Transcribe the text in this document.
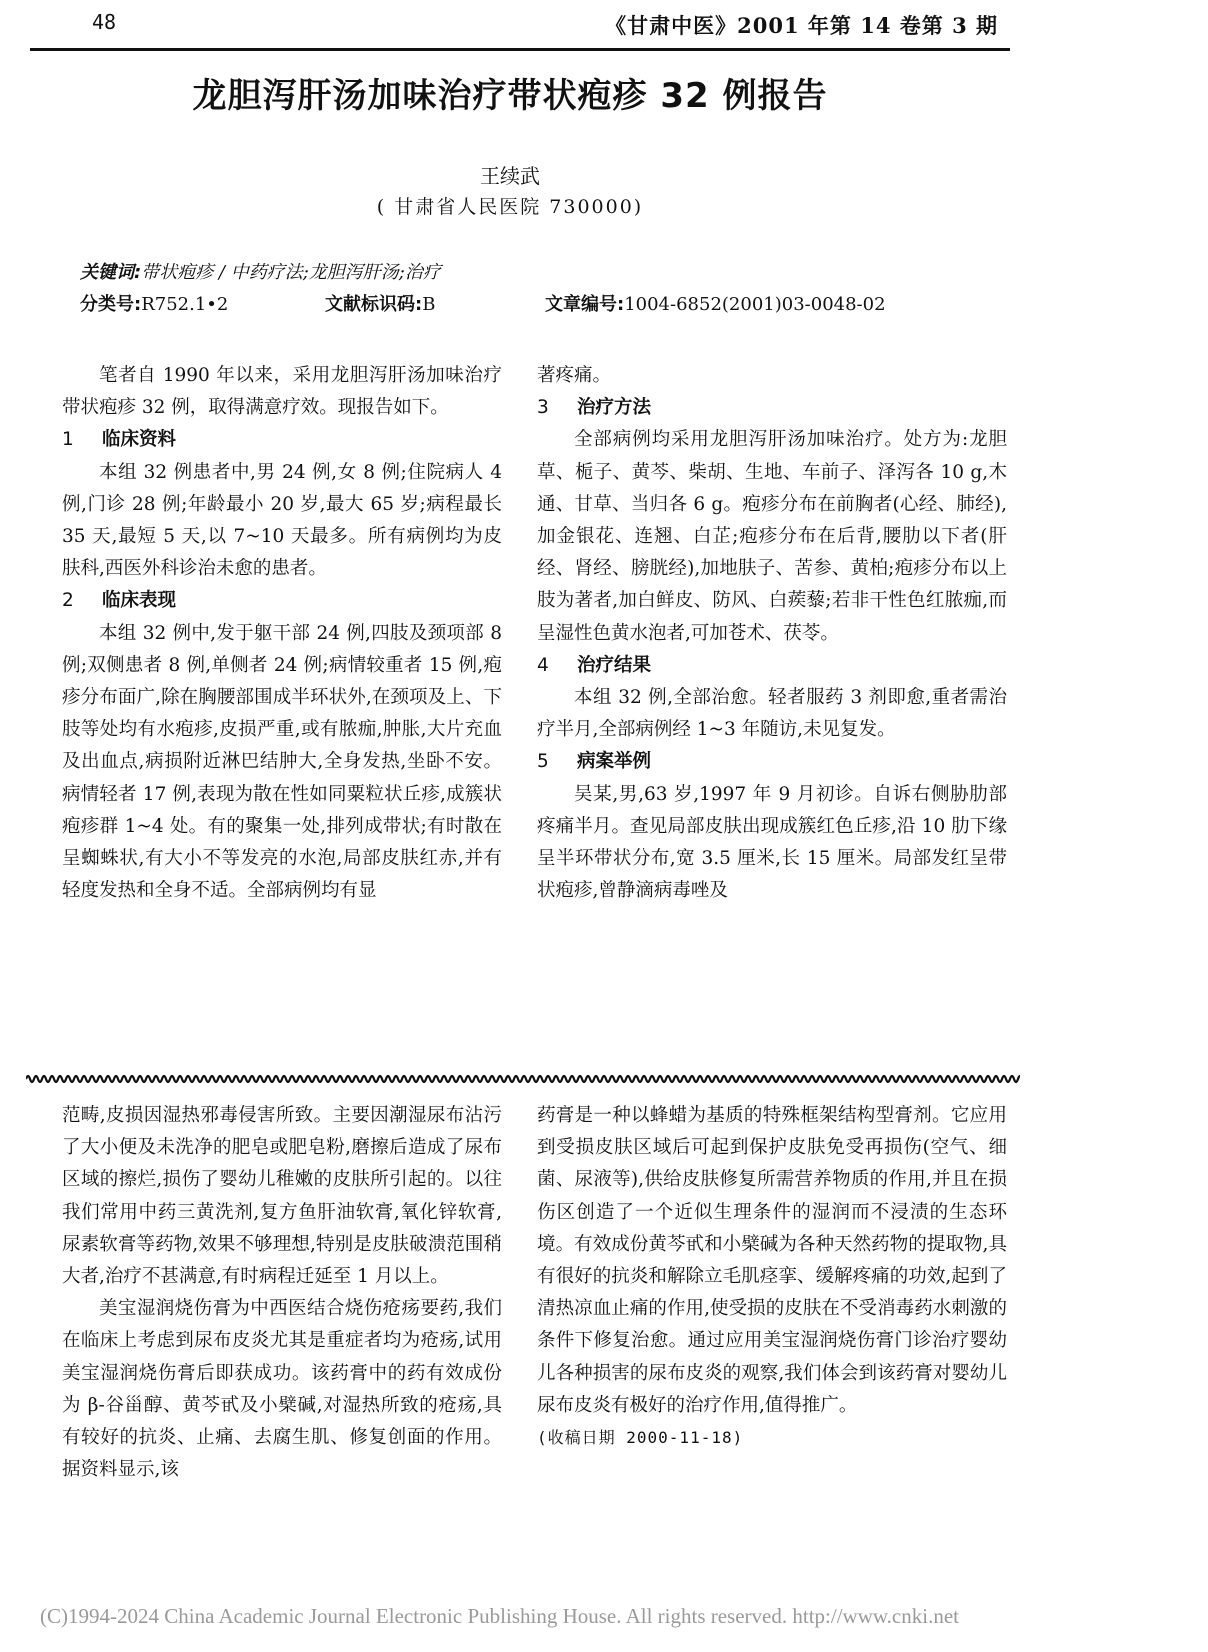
48	《甘肃中医》2001 年第 14 卷第 3 期
龙胆泻肝汤加味治疗带状疱疹 32 例报告
王续武
( 甘肃省人民医院 730000)
关键词:带状疱疹 / 中药疗法;龙胆泻肝汤;治疗
分类号:R752.1•2	文献标识码:B	文章编号:1004-6852(2001)03-0048-02

笔者自 1990 年以来，采用龙胆泻肝汤加味治疗带状疱疹 32 例，取得满意疗效。现报告如下。

1 临床资料

本组 32 例患者中,男 24 例,女 8 例;住院病人 4 例,门诊 28 例;年龄最小 20 岁,最大 65 岁;病程最长 35 天,最短 5 天,以 7~10 天最多。所有病例均为皮肤科,西医外科诊治未愈的患者。

2 临床表现

本组 32 例中,发于躯干部 24 例,四肢及颈项部 8 例;双侧患者 8 例,单侧者 24 例;病情较重者 15 例,疱疹分布面广,除在胸腰部围成半环状外,在颈项及上、下肢等处均有水疱疹,皮损严重,或有脓痂,肿胀,大片充血及出血点,病损附近淋巴结肿大,全身发热,坐卧不安。病情轻者 17 例,表现为散在性如同粟粒状丘疹,成簇状疱疹群 1~4 处。有的聚集一处,排列成带状;有时散在呈蜘蛛状,有大小不等发亮的水泡,局部皮肤红赤,并有轻度发热和全身不适。全部病例均有显

著疼痛。

3 治疗方法

全部病例均采用龙胆泻肝汤加味治疗。处方为:龙胆草、栀子、黄芩、柴胡、生地、车前子、泽泻各 10 g,木通、甘草、当归各 6 g。疱疹分布在前胸者(心经、肺经),加金银花、连翘、白芷;疱疹分布在后背,腰肋以下者(肝经、肾经、膀胱经),加地肤子、苦参、黄柏;疱疹分布以上肢为著者,加白鲜皮、防风、白蒺藜;若非干性色红脓痂,而呈湿性色黄水泡者,可加苍术、茯苓。

4 治疗结果

本组 32 例,全部治愈。轻者服药 3 剂即愈,重者需治疗半月,全部病例经 1~3 年随访,未见复发。

5 病案举例

吴某,男,63 岁,1997 年 9 月初诊。自诉右侧胁肋部疼痛半月。查见局部皮肤出现成簇红色丘疹,沿 10 肋下缘呈半环带状分布,宽 3.5 厘米,长 15 厘米。局部发红呈带状疱疹,曾静滴病毒唑及

范畴,皮损因湿热邪毒侵害所致。主要因潮湿尿布沾污了大小便及未洗净的肥皂或肥皂粉,磨擦后造成了尿布区域的擦烂,损伤了婴幼儿稚嫩的皮肤所引起的。以往我们常用中药三黄洗剂,复方鱼肝油软膏,氧化锌软膏,尿素软膏等药物,效果不够理想,特别是皮肤破溃范围稍大者,治疗不甚满意,有时病程迁延至 1 月以上。

美宝湿润烧伤膏为中西医结合烧伤疮疡要药,我们在临床上考虑到尿布皮炎尤其是重症者均为疮疡,试用美宝湿润烧伤膏后即获成功。该药膏中的药有效成份为 β-谷甾醇、黄芩甙及小檗碱,对湿热所致的疮疡,具有较好的抗炎、止痛、去腐生肌、修复创面的作用。据资料显示,该

药膏是一种以蜂蜡为基质的特殊框架结构型膏剂。它应用到受损皮肤区域后可起到保护皮肤免受再损伤(空气、细菌、尿液等),供给皮肤修复所需营养物质的作用,并且在损伤区创造了一个近似生理条件的湿润而不浸渍的生态环境。有效成份黄芩甙和小檗碱为各种天然药物的提取物,具有很好的抗炎和解除立毛肌痉挛、缓解疼痛的功效,起到了清热凉血止痛的作用,使受损的皮肤在不受消毒药水刺激的条件下修复治愈。通过应用美宝湿润烧伤膏门诊治疗婴幼儿各种损害的尿布皮炎的观察,我们体会到该药膏对婴幼儿尿布皮炎有极好的治疗作用,值得推广。

(收稿日期 2000-11-18)
(C)1994-2024 China Academic Journal Electronic Publishing House. All rights reserved. http://www.cnki.net
